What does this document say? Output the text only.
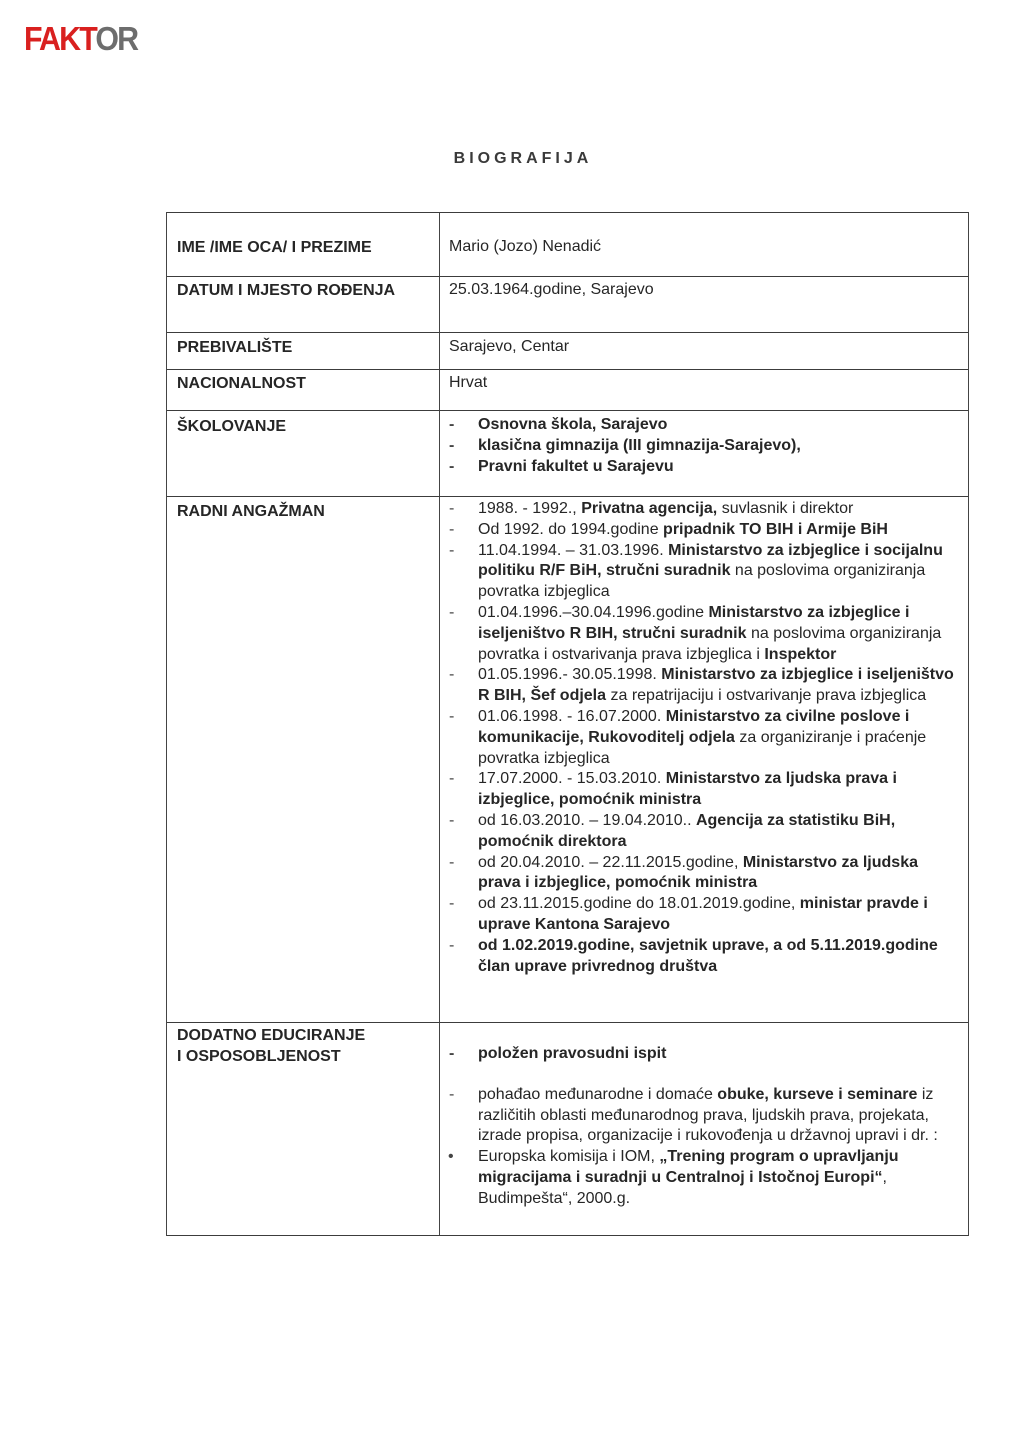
FAKTOR
BIOGRAFIJA
IME /IME OCA/ I PREZIME	Mario (Jozo) Nenadić
DATUM I MJESTO ROĐENJA	25.03.1964.godine, Sarajevo
PREBIVALIŠTE	Sarajevo, Centar
NACIONALNOST	Hrvat
ŠKOLOVANJE	- Osnovna škola, Sarajevo
- klasična gimnazija (III gimnazija-Sarajevo),
- Pravni fakultet u Sarajevu
RADNI ANGAŽMAN	- 1988. - 1992., Privatna agencija, suvlasnik i direktor
- Od 1992. do 1994.godine pripadnik TO BIH i Armije BiH
- 11.04.1994. – 31.03.1996. Ministarstvo za izbjeglice i socijalnu politiku R/F BiH, stručni suradnik na poslovima organiziranja povratka izbjeglica
- 01.04.1996.–30.04.1996.godine Ministarstvo za izbjeglice i iseljeništvo R BIH, stručni suradnik na poslovima organiziranja povratka i ostvarivanja prava izbjeglica i Inspektor
- 01.05.1996.- 30.05.1998. Ministarstvo za izbjeglice i iseljeništvo R BIH, Šef odjela za repatrijaciju i ostvarivanje prava izbjeglica
- 01.06.1998. - 16.07.2000. Ministarstvo za civilne poslove i komunikacije, Rukovoditelj odjela za organiziranje i praćenje povratka izbjeglica
- 17.07.2000. - 15.03.2010. Ministarstvo za ljudska prava i izbjeglice, pomoćnik ministra
- od 16.03.2010. – 19.04.2010.. Agencija za statistiku BiH, pomoćnik direktora
- od 20.04.2010. – 22.11.2015.godine, Ministarstvo za ljudska prava i izbjeglice, pomoćnik ministra
- od 23.11.2015.godine do 18.01.2019.godine, ministar pravde i uprave Kantona Sarajevo
- od 1.02.2019.godine, savjetnik uprave, a od 5.11.2019.godine član uprave privrednog društva
DODATNO EDUCIRANJE
I OSPOSOBLJENOST	- položen pravosudni ispit
- pohađao međunarodne i domaće obuke, kurseve i seminare iz različitih oblasti međunarodnog prava, ljudskih prava, projekata, izrade propisa, organizacije i rukovođenja u državnoj upravi i dr. :
• Europska komisija i IOM, „Trening program o upravljanju migracijama i suradnji u Centralnoj i Istočnoj Europi“, Budimpešta“, 2000.g.
